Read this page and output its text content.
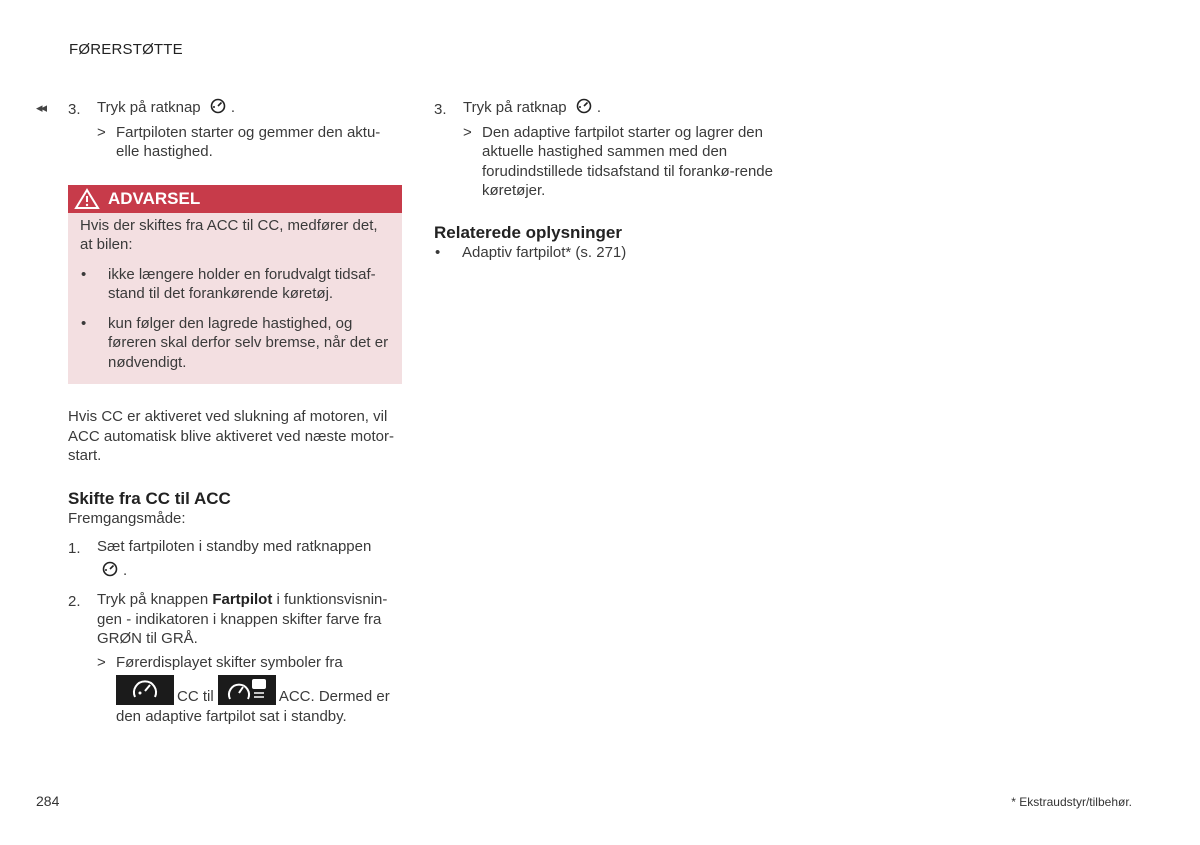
FØRERSTØTTE
◂◂ 3. Tryk på ratknap .
> Fartpiloten starter og gemmer den aktu-elle hastighed.
ADVARSEL

Hvis der skiftes fra ACC til CC, medfører det, at bilen:

• ikke længere holder en forudvalgt tidsaf-stand til det forankørende køretøj.
• kun følger den lagrede hastighed, og føreren skal derfor selv bremse, når det er nødvendigt.
Hvis CC er aktiveret ved slukning af motoren, vil ACC automatisk blive aktiveret ved næste motor-start.
Skifte fra CC til ACC
Fremgangsmåde:
1. Sæt fartpiloten i standby med ratknappen
.
2. Tryk på knappen Fartpilot i funktionsvisnin-gen - indikatoren i knappen skifter farve fra GRØN til GRÅ.
> Førerdisplayet skifter symboler fra
CC til	ACC. Dermed er
den adaptive fartpilot sat i standby.
3. Tryk på ratknap .
> Den adaptive fartpilot starter og lagrer den aktuelle hastighed sammen med den forudindstillede tidsafstand til forankø-rende køretøjer.
Relaterede oplysninger
• Adaptiv fartpilot* (s. 271)
284	* Ekstraudstyr/tilbehør.
